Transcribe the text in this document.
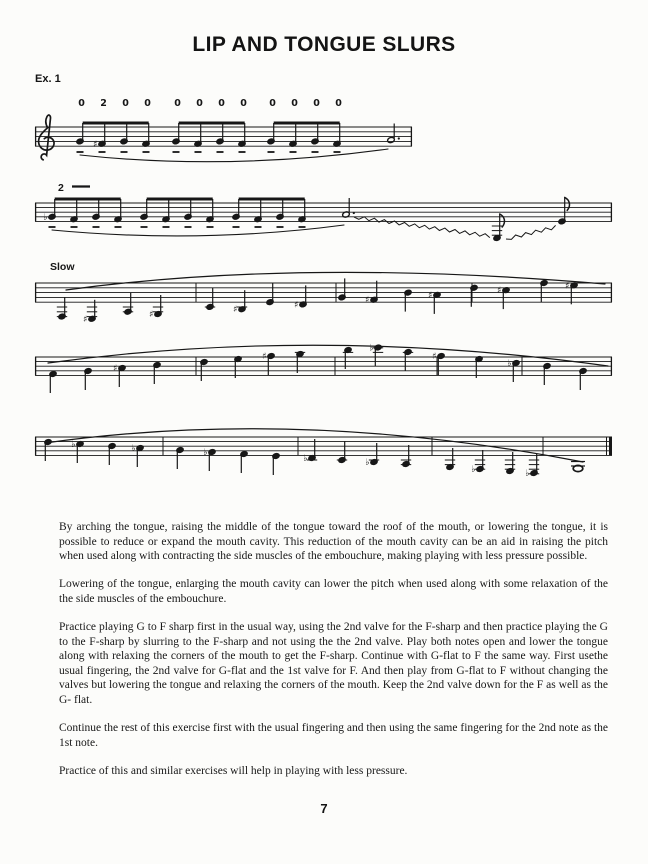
LIP AND TONGUE SLURS
Ex. 1
♯
0 2 0 0 0 0 0 0 0 0 0 0
2
♭
Slow
♯	♯	♯	♯	♯	♯	♯	♯
♯
♯
♭
♯
♭
♭	♭	♭
♭	♭
♭	♭

By arching the tongue, raising the middle of the tongue toward the roof of the mouth, or lowering the tongue, it is possible to reduce or expand the mouth cavity. This reduction of the mouth cavity can be an aid in raising the pitch when used along with contracting the side muscles of the embouchure, making playing with less pressure possible.

Lowering of the tongue, enlarging the mouth cavity can lower the pitch when used along with some relaxation of the the side muscles of the embouchure.

Practice playing G to F sharp first in the usual way, using the 2nd valve for the F-sharp and then practice playing the G to the F-sharp by slurring to the F-sharp and not using the the 2nd valve. Play both notes open and lower the tongue along with relaxing the corners of the mouth to get the F-sharp. Continue with G-flat to F the same way. First usethe usual fingering, the 2nd valve for G-flat and the 1st valve for F. And then play from G-flat to F without changing the valves but lowering the tongue and relaxing the corners of the mouth. Keep the 2nd valve down for the F as well as the G- flat.

Continue the rest of this exercise first with the usual fingering and then using the same fingering for the 2nd note as the 1st note.

Practice of this and similar exercises will help in playing with less pressure.

7
